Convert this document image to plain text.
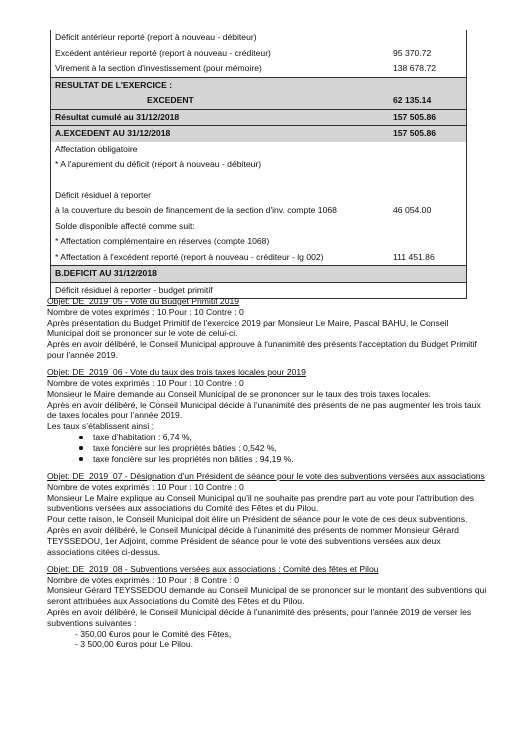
Déficit antérieur reporté (report à nouveau - débiteur)
Excédent antérieur reporté (report à nouveau - créditeur)	95 370.72
Virement à la section d'investissement (pour mémoire)	138 678.72
RESULTAT DE L'EXERCICE :
EXCEDENT	62 135.14
Résultat cumulé au 31/12/2018	157 505.86
A.EXCEDENT AU 31/12/2018	157 505.86
Affectation obligatoire
* A l'apurement du déficit (report à nouveau - débiteur)
Déficit résiduel à reporter
à la couverture du besoin de financement de la section d'inv. compte 1068	46 054.00
Solde disponible affecté comme suit:
* Affectation complémentaire en réserves (compte 1068)
* Affectation à l'excédent reporté (report à nouveau - créditeur - lg 002)	111 451.86
B.DEFICIT AU 31/12/2018
Déficit résiduel à reporter - budget primitif
Objet: DE_2019_05 - Vote du Budget Primitif 2019

Nombre de votes exprimés : 10 Pour : 10 Contre : 0

Après présentation du Budget Primitif de l'exercice 2019 par Monsieur Le Maire, Pascal BAHU, le Conseil Municipal doit se prononcer sur le vote de celui-ci.

Après en avoir délibéré, le Conseil Municipal approuve à l'unanimité des présents l'acceptation du Budget Primitif pour l'année 2019.

Objet: DE_2019_06 - Vote du taux des trois taxes locales pour 2019

Nombre de votes exprimés : 10 Pour : 10 Contre : 0

Monsieur le Maire demande au Conseil Municipal de se prononcer sur le taux des trois taxes locales.

Après en avoir délibéré, le Conseil Municipal décide à l’unanimité des présents de ne pas augmenter les trois taux de taxes locales pour l’année 2019.

Les taux s’établissent ainsi :

taxe d’habitation : 6,74 %,
taxe foncière sur les propriétés bâties : 0,542 %,
taxe foncière sur les propriétés non bâties : 94,19 %.
Objet: DE_2019_07 - Désignation d'un Président de séance pour le vote des subventions versées aux associations

Nombre de votes exprimés : 10 Pour : 10 Contre : 0

Monsieur Le Maire explique au Conseil Municipal qu'il ne souhaite pas prendre part au vote pour l'attribution des subventions versées aux associations du Comité des Fêtes et du Pilou.

Pour cette raison, le Conseil Municipal doit élire un Président de séance pour le vote de ces deux subventions.

Après en avoir délibéré, le Conseil Municipal décide à l'unanimité des présents de nommer Monsieur Gérard TEYSSEDOU, 1er Adjoint, comme Président de séance pour le vote des subventions versées aux deux associations citées ci-dessus.

Objet: DE_2019_08 - Subventions versées aux associations : Comité des fêtes et Pilou

Nombre de votes exprimés : 10 Pour : 8 Contre : 0

Monsieur Gérard TEYSSEDOU demande au Conseil Municipal de se prononcer sur le montant des subventions qui seront attribuées aux Associations du Comité des Fêtes et du Pilou.

Après en avoir délibéré, le Conseil Municipal décide à l'unanimité des présents, pour l'année 2019 de verser les subventions suivantes :

- 350,00 €uros pour le Comité des Fêtes,

- 3 500,00 €uros pour Le Pilou.
